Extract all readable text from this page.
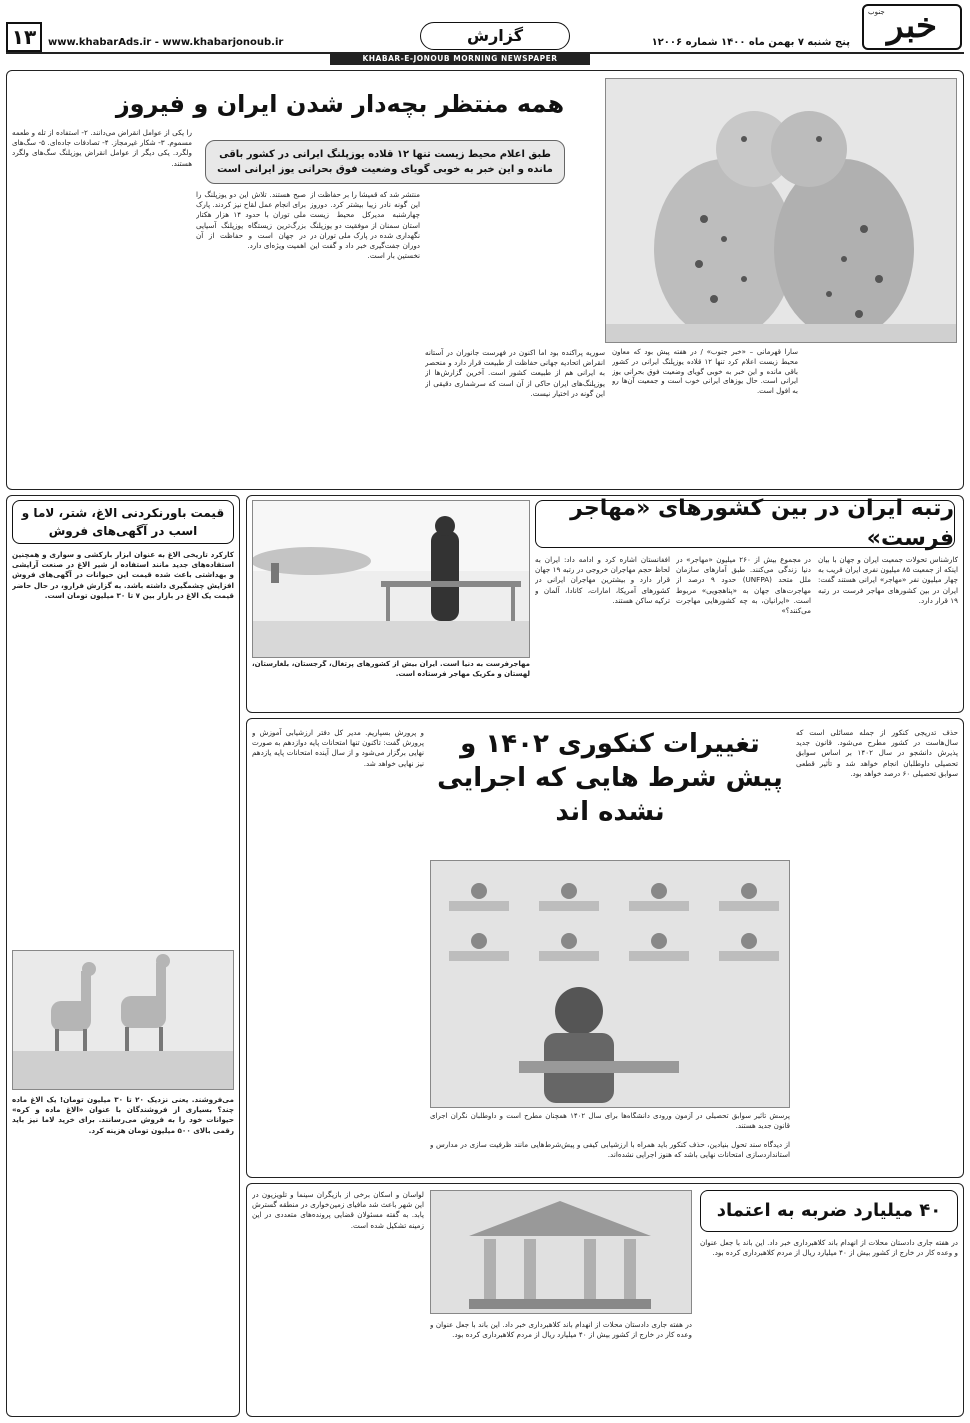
جنوب خبر
پنج شنبه ۷ بهمن ماه ۱۴۰۰ شماره ۱۲۰۰۶
گزارش
www.khabarAds.ir - www.khabarjonoub.ir
۱۳
KHABAR-E-JONOUB MORNING NEWSPAPER
همه منتظر بچه‌دار شدن ایران و فیروز
طبق اعلام محیط زیست تنها ۱۲ قلاده یوزپلنگ ایرانی در کشور باقی مانده و این خبر به خوبی گویای وضعیت فوق بحرانی یوز ایرانی است
سارا قهرمانی – «خبر جنوب» / در هفته پیش بود که معاون محیط زیست اعلام کرد تنها ۱۲ قلاده یوزپلنگ ایرانی در کشور باقی مانده و این خبر به خوبی گویای وضعیت فوق بحرانی یوز ایرانی است. حال یوزهای ایرانی خوب است و جمعیت آن‌ها رو به افول است.
سوریه پراکنده بود اما اکنون در فهرست جانوران در آستانه انقراض اتحادیه جهانی حفاظت از طبیعت قرار دارد و منحصر به ایرانی هم از طبیعت کشور است. آخرین گزارش‌ها از یوزپلنگ‌های ایران حاکی از آن است که سرشماری دقیقی از این گونه در اختیار نیست.
منتشر شد که قمیشا را بر حفاظت از این گونه نادر زیبا بیشتر کرد. دوروز چهارشنبه مدیرکل محیط زیست استان سمنان از موفقیت دو یوزپلنگ نگهداری شده در پارک ملی توران در دوران جفت‌گیری خبر داد و گفت این نخستین بار است.
صبح هستند. تلاش این دو یوزپلنگ را برای انجام عمل لقاح نیز کردند. پارک ملی توران با حدود ۱۴ هزار هکتار بزرگ‌ترین زیستگاه یوزپلنگ آسیایی در جهان است و حفاظت از آن اهمیت ویژه‌ای دارد.
را یکی از عوامل انقراض می‌دانند. ۲- استفاده از تله و طعمه مسموم. ۳- شکار غیرمجاز. ۴- تصادفات جاده‌ای. ۵- سگ‌های ولگرد. یکی دیگر از عوامل انقراض یوزپلنگ سگ‌های ولگرد هستند.
رتبه ایران در بین کشورهای «مهاجر فرست»
مهاجرفرست به دنیا است. ایران بیش از کشورهای پرتغال، گرجستان، بلغارستان، لهستان و مکزیک مهاجر فرستاده است.
افغانستان اشاره کرد و ادامه داد: ایران به لحاظ حجم مهاجران خروجی در رتبه ۱۹ جهان قرار دارد و بیشترین مهاجران ایرانی در کشورهای آمریکا، امارات، کانادا، آلمان و ترکیه ساکن هستند.
در مجموع بیش از ۲۶۰ میلیون «مهاجر» در دنیا زندگی می‌کنند. طبق آمارهای سازمان ملل متحد (UNFPA) حدود ۹ درصد از مهاجرت‌های جهان به «پناهجویی» مربوط است. «ایرانیان، به چه کشورهایی مهاجرت می‌کنند؟»
کارشناس تحولات جمعیت ایران و جهان با بیان اینکه از جمعیت ۸۵ میلیون نفری ایران قریب به چهار میلیون نفر «مهاجر» ایرانی هستند گفت: ایران در بین کشورهای مهاجر فرست در رتبه ۱۹ قرار دارد.
قیمت باورنکردنی الاغ، شتر، لاما و اسب در آگهی‌های فروش
کارکرد تاریخی الاغ به عنوان ابزار بارکشی و سواری و همچنین استفاده‌های جدید مانند استفاده از شیر الاغ در صنعت آرایشی و بهداشتی باعث شده قیمت این حیوانات در آگهی‌های فروش افزایش چشمگیری داشته باشد. به گزارش فرارو، در حال حاضر قیمت یک الاغ در بازار بین ۷ تا ۳۰ میلیون تومان است.
می‌فروشند. یعنی نزدیک ۲۰ تا ۳۰ میلیون تومان! یک الاغ ماده چند؟ بسیاری از فروشندگان با عنوان «الاغ ماده و کره» حیوانات خود را به فروش می‌رسانند. برای خرید لاما نیز باید رقمی بالای ۵۰۰ میلیون تومان هزینه کرد.
تغییرات کنکوری ۱۴۰۲ و پیش شرط هایی که اجرایی نشده اند
پرسش تأثیر سوابق تحصیلی در آزمون ورودی دانشگاه‌ها برای سال ۱۴۰۲ همچنان مطرح است و داوطلبان نگران اجرای قانون جدید هستند.
حذف تدریجی کنکور از جمله مسائلی است که سال‌هاست در کشور مطرح می‌شود. قانون جدید پذیرش دانشجو در سال ۱۴۰۲ بر اساس سوابق تحصیلی داوطلبان انجام خواهد شد و تأثیر قطعی سوابق تحصیلی ۶۰ درصد خواهد بود.
و پرورش بسپاریم. مدیر کل دفتر ارزشیابی آموزش و پرورش گفت: تاکنون تنها امتحانات پایه دوازدهم به صورت نهایی برگزار می‌شود و از سال آینده امتحانات پایه یازدهم نیز نهایی خواهد شد.
از دیدگاه سند تحول بنیادین، حذف کنکور باید همراه با ارزشیابی کیفی و پیش‌شرط‌هایی مانند ظرفیت سازی در مدارس و استانداردسازی امتحانات نهایی باشد که هنوز اجرایی نشده‌اند.
۴۰ میلیارد ضربه به اعتماد
در هفته جاری دادستان محلات از انهدام باند کلاهبرداری خبر داد. این باند با جعل عنوان و وعده کار در خارج از کشور بیش از ۴۰ میلیارد ریال از مردم کلاهبرداری کرده بود.
لواسان و اسکان برخی از بازیگران سینما و تلویزیون در این شهر باعث شد مافیای زمین‌خواری در منطقه گسترش یابد. به گفته مسئولان قضایی پرونده‌های متعددی در این زمینه تشکیل شده است.
در هفته جاری دادستان محلات از انهدام باند کلاهبرداری خبر داد. این باند با جعل عنوان و وعده کار در خارج از کشور بیش از ۴۰ میلیارد ریال از مردم کلاهبرداری کرده بود.
